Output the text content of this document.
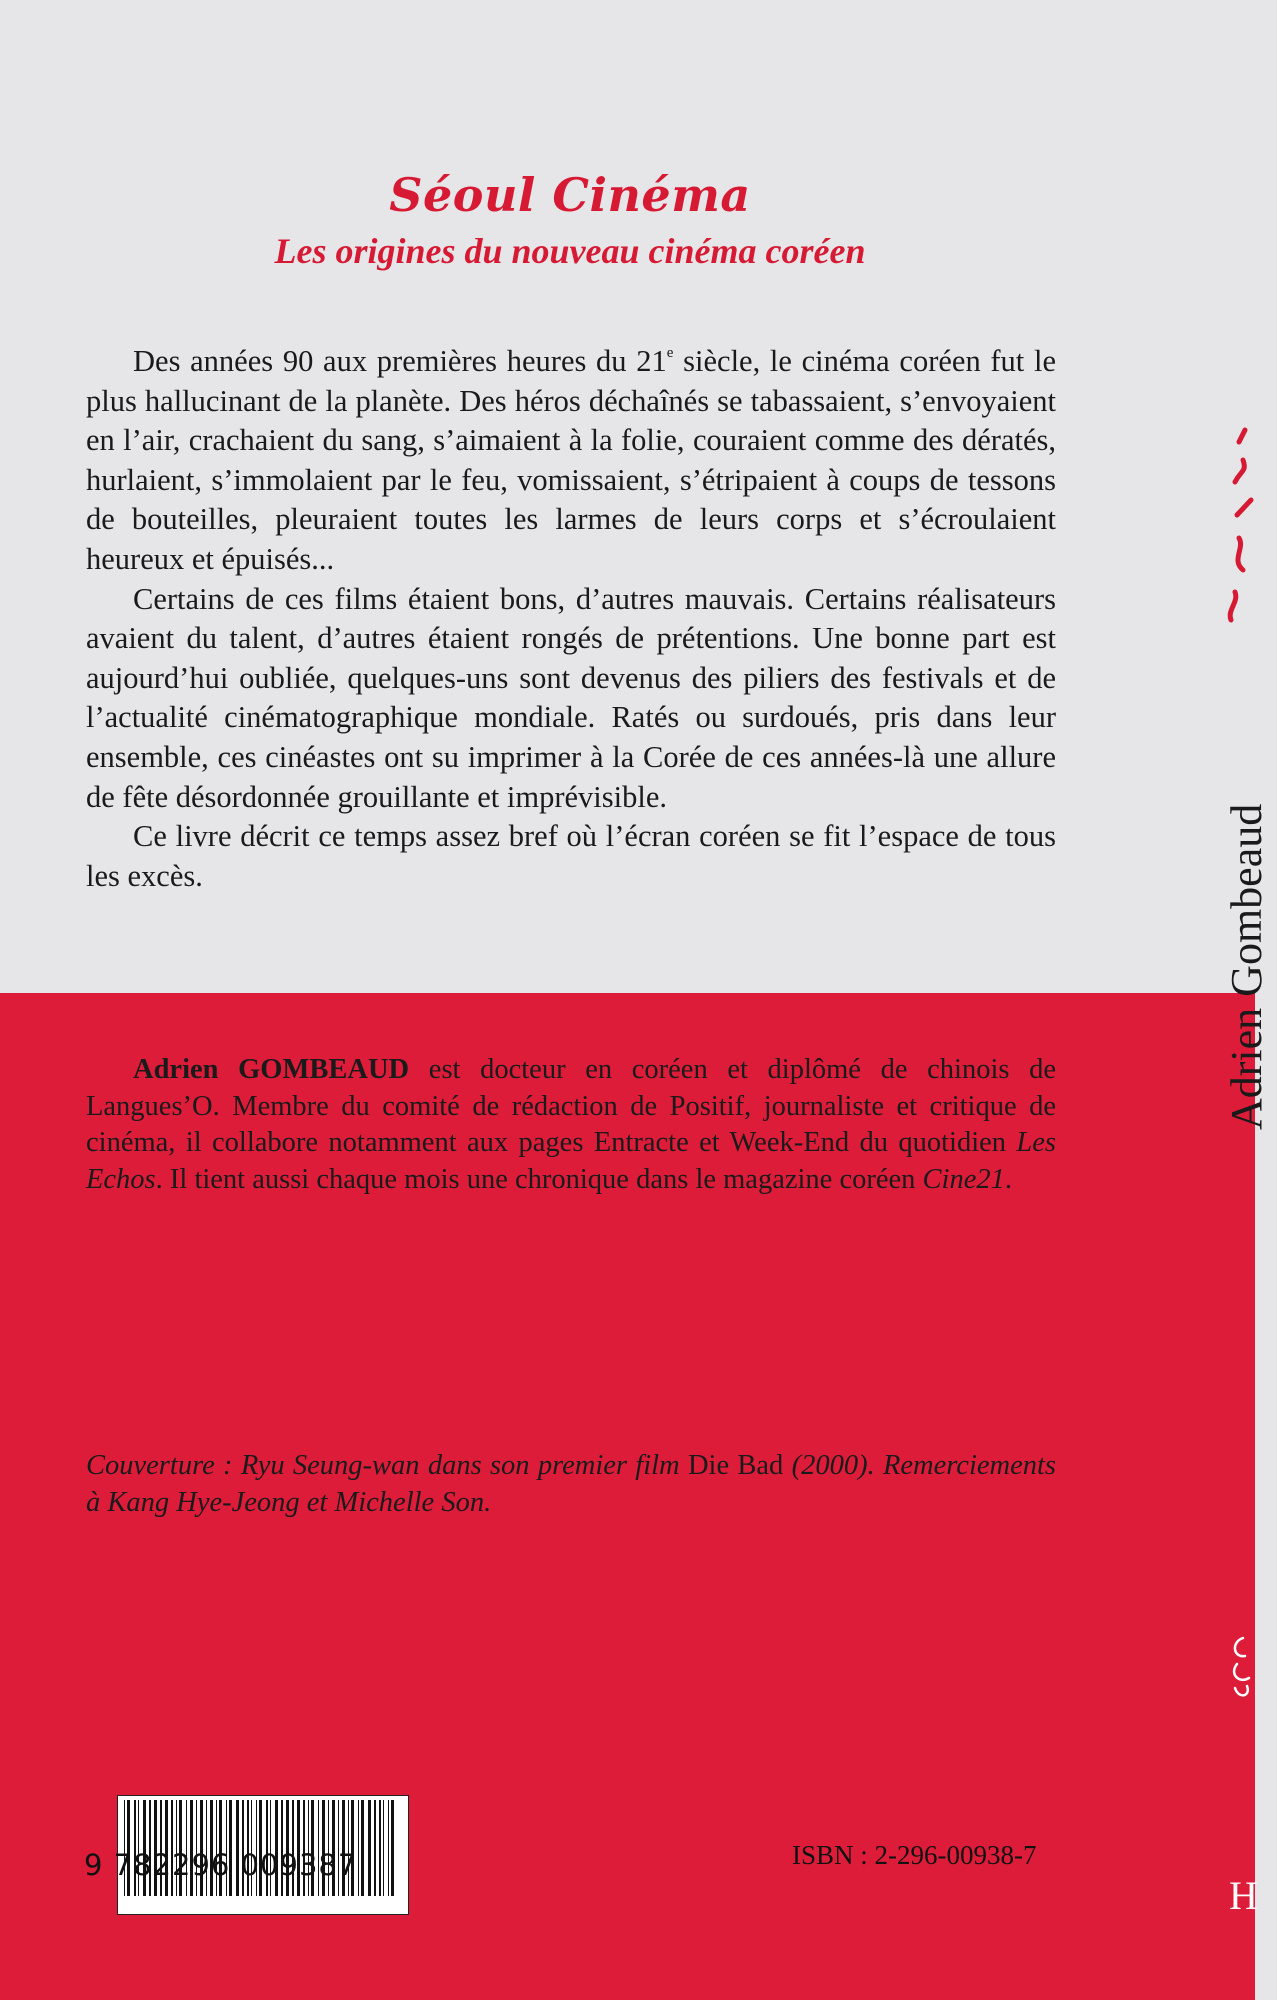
Séoul Cinéma
Les origines du nouveau cinéma coréen

Des années 90 aux premières heures du 21e siècle, le cinéma coréen fut le plus hallucinant de la planète. Des héros déchaînés se tabassaient, s’envoyaient en l’air, crachaient du sang, s’aimaient à la folie, couraient comme des dératés, hurlaient, s’immolaient par le feu, vomissaient, s’étripaient à coups de tessons de bouteilles, pleuraient toutes les larmes de leurs corps et s’écroulaient heureux et épuisés...

Certains de ces films étaient bons, d’autres mauvais. Certains réalisateurs avaient du talent, d’autres étaient rongés de prétentions. Une bonne part est aujourd’hui oubliée, quelques-uns sont devenus des piliers des festivals et de l’actualité cinématographique mondiale. Ratés ou surdoués, pris dans leur ensemble, ces cinéastes ont su imprimer à la Corée de ces années-là une allure de fête désordonnée grouillante et imprévisible.

Ce livre décrit ce temps assez bref où l’écran coréen se fit l’espace de tous les excès.

Adrien GOMBEAUD est docteur en coréen et diplômé de chinois de Langues’O. Membre du comité de rédaction de Positif, journaliste et critique de cinéma, il collabore notamment aux pages Entracte et Week-End du quotidien Les Echos. Il tient aussi chaque mois une chronique dans le magazine coréen Cine21.

Couverture : Ryu Seung-wan dans son premier film Die Bad (2000). Remerciements à Kang Hye-Jeong et Michelle Son.
9 782296 009387	ISBN : 2-296-00938-7
Adrien Gombeaud
H
